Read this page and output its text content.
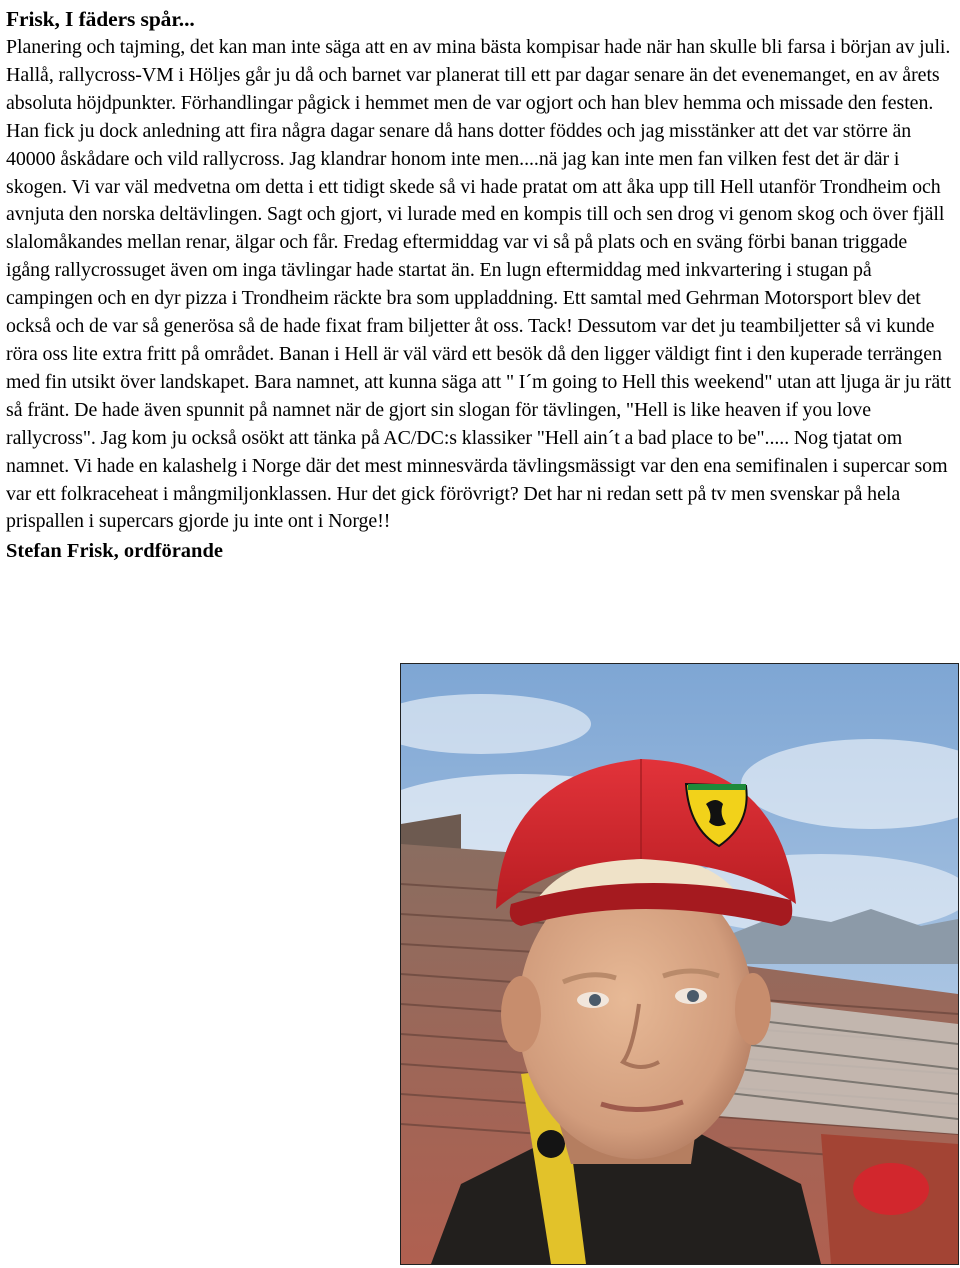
Frisk, I fäders spår...

Planering och tajming, det kan man inte säga att en av mina bästa kompisar hade när han skulle bli farsa i början av juli. Hallå, rallycross-VM i Höljes går ju då och barnet var planerat till ett par dagar senare än det evenemanget, en av årets absoluta höjdpunkter. Förhandlingar pågick i hemmet men de var ogjort och han blev hemma och missade den festen. Han fick ju dock anledning att fira några dagar senare då hans dotter föddes och jag misstänker att det var större än 40000 åskådare och vild rallycross. Jag klandrar honom inte men....nä jag kan inte men fan vilken fest det är där i skogen. Vi var väl medvetna om detta i ett tidigt skede så vi hade pratat om att åka upp till Hell utanför Trondheim och avnjuta den norska deltävlingen. Sagt och gjort, vi lurade med en kompis till och sen drog vi genom skog och över fjäll slalomåkandes mellan renar, älgar och får. Fredag eftermiddag var vi så på plats och en sväng förbi banan triggade igång rallycrossuget även om inga tävlingar hade startat än. En lugn eftermiddag med inkvartering i stugan på campingen och en dyr pizza i Trondheim räckte bra som uppladdning. Ett samtal med Gehrman Motorsport blev det också och de var så generösa så de hade fixat fram biljetter åt oss. Tack! Dessutom var det ju teambiljetter så vi kunde röra oss lite extra fritt på området. Banan i Hell är väl värd ett besök då den ligger väldigt fint i den kuperade terrängen med fin utsikt över landskapet. Bara namnet, att kunna säga att " I´m going to Hell this weekend" utan att ljuga är ju rätt så fränt. De hade även spunnit på namnet när de gjort sin slogan för tävlingen, "Hell is like heaven if you love rallycross". Jag kom ju också osökt att tänka på AC/DC:s klassiker "Hell ain´t a bad place to be"..... Nog tjatat om namnet. Vi hade en kalashelg i Norge där det mest minnesvärda tävlingsmässigt var den ena semifinalen i supercar som var ett folkraceheat i mångmiljonklassen. Hur det gick förövrigt? Det har ni redan sett på tv men svenskar på hela prispallen i supercars gjorde ju inte ont i Norge!!

Stefan Frisk, ordförande
